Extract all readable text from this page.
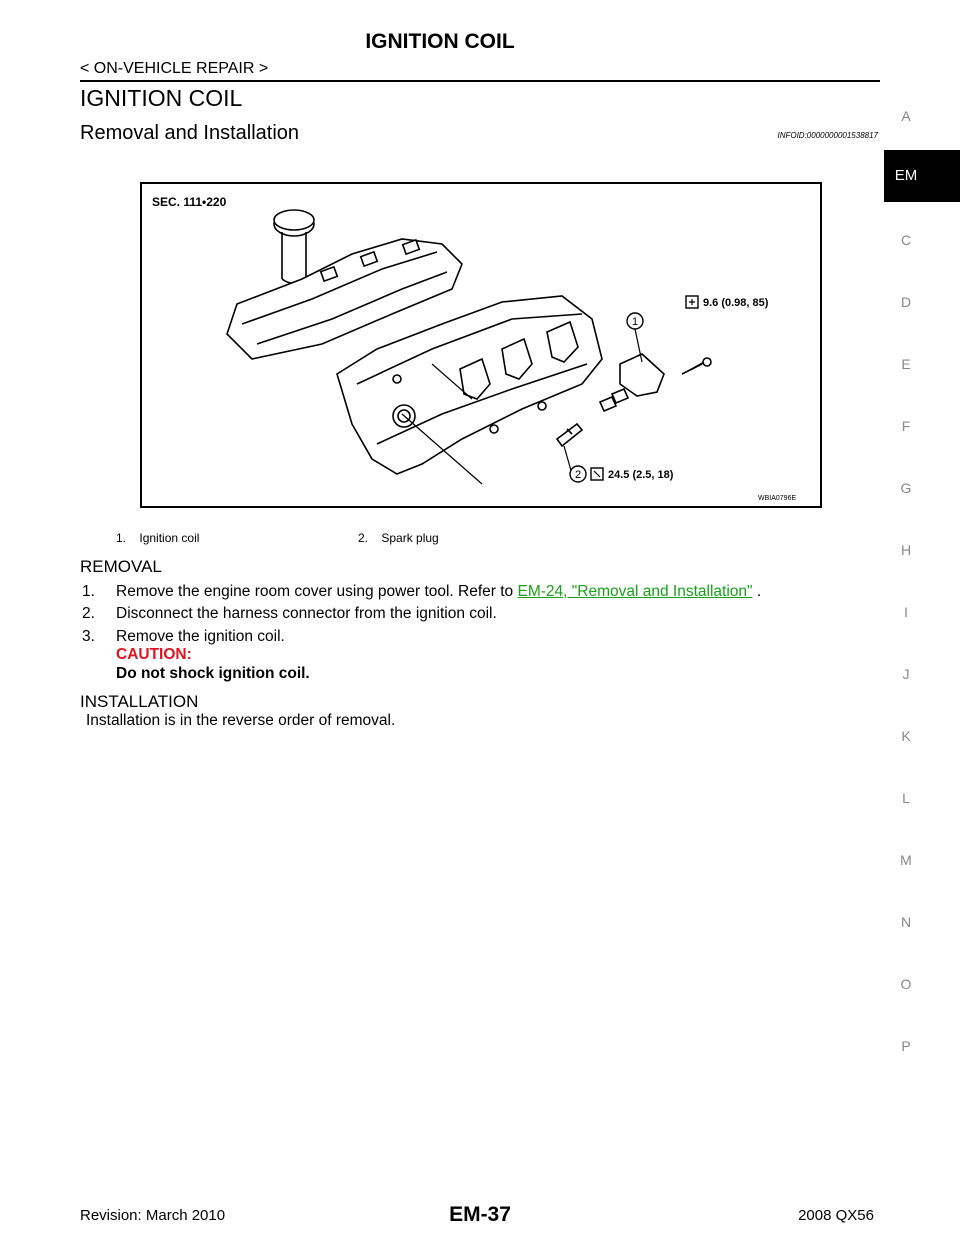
IGNITION COIL
< ON-VEHICLE REPAIR >
IGNITION COIL
Removal and Installation	INFOID:0000000001538817
SEC. 111•220
1
2
9.6 (0.98, 85)
24.5 (2.5, 18)
WBIA0796E
1. Ignition coil	2. Spark plug
REMOVAL
1. Remove the engine room cover using power tool. Refer to EM-24, "Removal and Installation" .
2. Disconnect the harness connector from the ignition coil.
3. Remove the ignition coil.
CAUTION:
Do not shock ignition coil.
INSTALLATION
Installation is in the reverse order of removal.
EM
A
C
D
E
F
G
H
I
J
K
L
M
N
O
P
Revision: March 2010	EM-37	2008 QX56
